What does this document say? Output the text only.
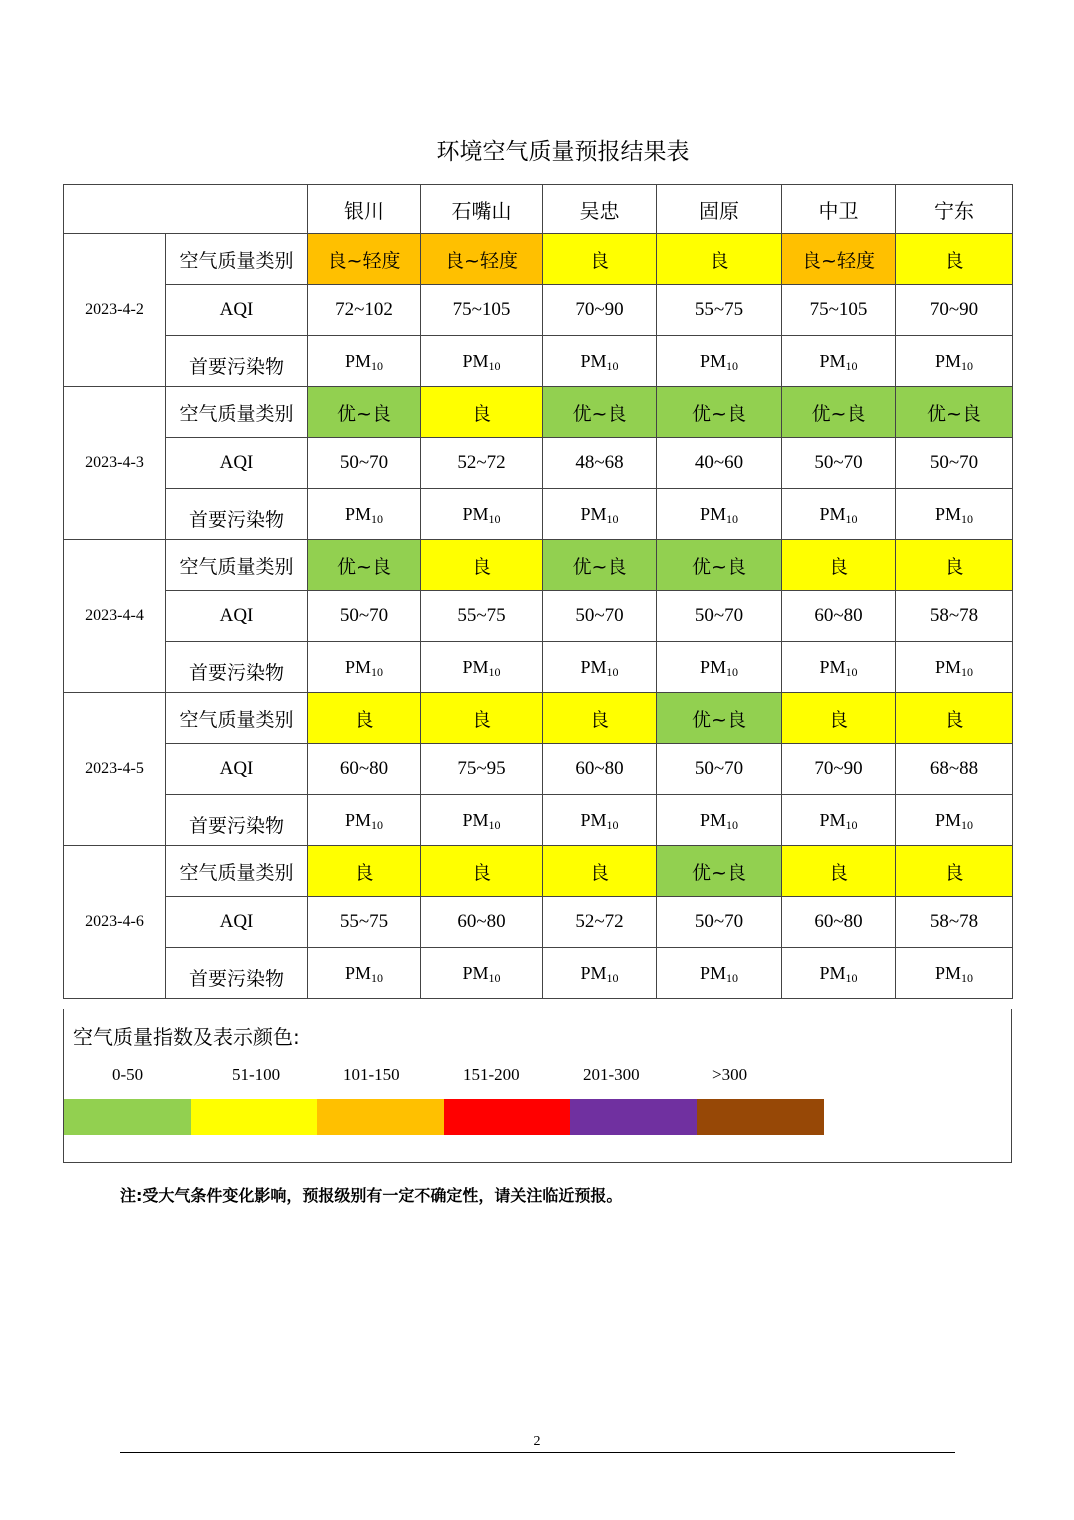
环境空气质量预报结果表
		银川	石嘴山	吴忠	固原	中卫	宁东
2023-4-2	空气质量类别	良~轻度	良~轻度	良	良	良~轻度	良
	AQI	72~102	75~105	70~90	55~75	75~105	70~90
	首要污染物	$PM_{10}$	$PM_{10}$	$PM_{10}$	$PM_{10}$	$PM_{10}$	$PM_{10}$
2023-4-3	空气质量类别	优~良	良	优~良	优~良	优~良	优~良
	AQI	50~70	52~72	48~68	40~60	50~70	50~70
	首要污染物	$PM_{10}$	$PM_{10}$	$PM_{10}$	$PM_{10}$	$PM_{10}$	$PM_{10}$
2023-4-4	空气质量类别	优~良	良	优~良	优~良	良	良
	AQI	50~70	55~75	50~70	50~70	60~80	58~78
	首要污染物	$PM_{10}$	$PM_{10}$	$PM_{10}$	$PM_{10}$	$PM_{10}$	$PM_{10}$
2023-4-5	空气质量类别	良	良	良	优~良	良	良
	AQI	60~80	75~95	60~80	50~70	70~90	68~88
	首要污染物	$PM_{10}$	$PM_{10}$	$PM_{10}$	$PM_{10}$	$PM_{10}$	$PM_{10}$
2023-4-6	空气质量类别	良	良	良	优~良	良	良
	AQI	55~75	60~80	52~72	50~70	60~80	58~78
	首要污染物	$PM_{10}$	$PM_{10}$	$PM_{10}$	$PM_{10}$	$PM_{10}$	$PM_{10}$
空气质量指数及表示颜色:
0-50	51-100	101-150	151-200	201-300	>300
注:受大气条件变化影响，预报级别有一定不确定性，请关注临近预报。
2
